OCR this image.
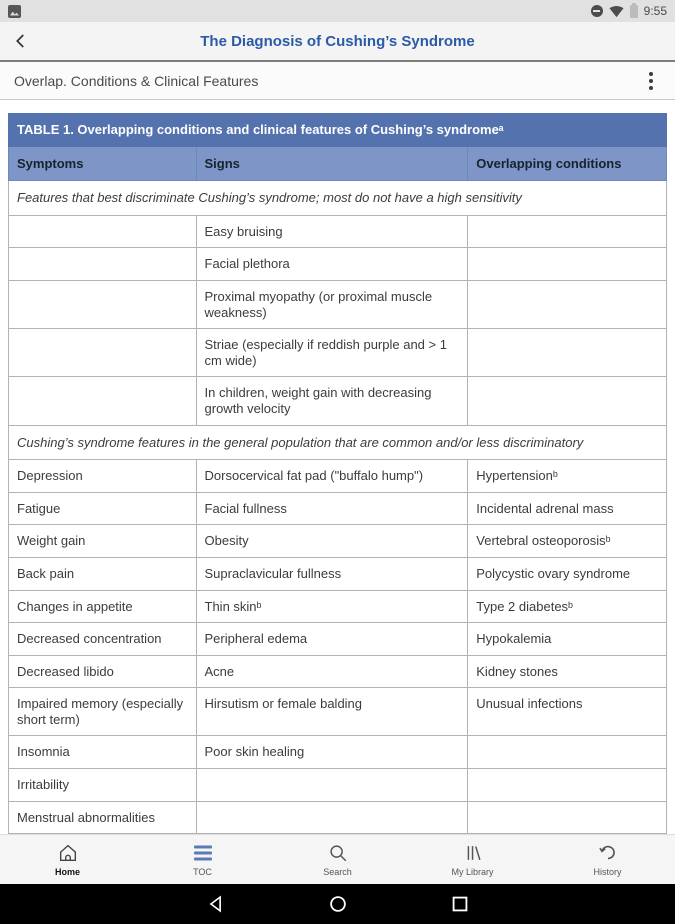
9:55
The Diagnosis of Cushing’s Syndrome
Overlap. Conditions & Clinical Features
TABLE 1. Overlapping conditions and clinical features of Cushing’s syndromeᵃ		
Symptoms	Signs	Overlapping conditions
Features that best discriminate Cushing’s syndrome; most do not have a high sensitivity		
	Easy bruising	
	Facial plethora	
	Proximal myopathy (or proximal muscle weakness)	
	Striae (especially if reddish purple and > 1 cm wide)	
	In children, weight gain with decreasing growth velocity	
Cushing’s syndrome features in the general population that are common and/or less discriminatory		
Depression	Dorsocervical fat pad ("buffalo hump")	Hypertensionᵇ
Fatigue	Facial fullness	Incidental adrenal mass
Weight gain	Obesity	Vertebral osteoporosisᵇ
Back pain	Supraclavicular fullness	Polycystic ovary syndrome
Changes in appetite	Thin skinᵇ	Type 2 diabetesᵇ
Decreased concentration	Peripheral edema	Hypokalemia
Decreased libido	Acne	Kidney stones
Impaired memory (especially short term)	Hirsutism or female balding	Unusual infections
Insomnia	Poor skin healing	
Irritability		
Menstrual abnormalities		
Home	TOC	Search	My Library	History
